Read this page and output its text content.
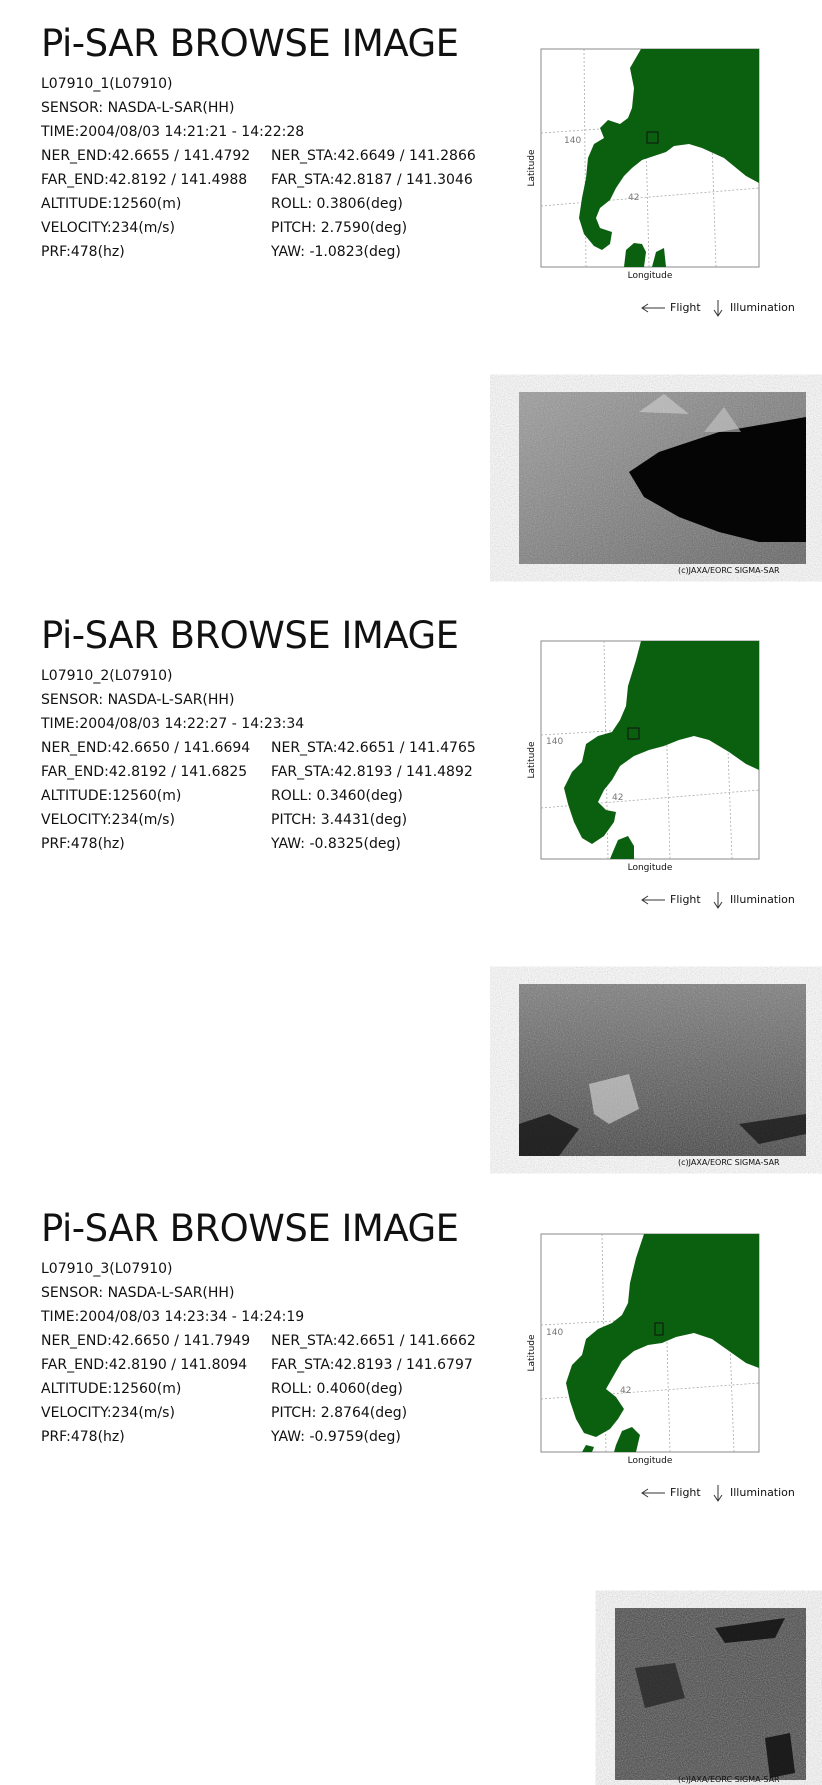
Pi-SAR BROWSE IMAGE
L07910_1(L07910)
SENSOR: NASDA-L-SAR(HH)
TIME:2004/08/03 14:21:21 - 14:22:28
NER_END:42.6655 / 141.4792 NER_STA:42.6649 / 141.2866
FAR_END:42.8192 / 141.4988 FAR_STA:42.8187 / 141.3046
ALTITUDE:12560(m)	ROLL: 0.3806(deg)
VELOCITY:234(m/s)	PITCH: 2.7590(deg)
PRF:478(hz)	YAW: -1.0823(deg)
140
42
Latitude
Longitude
Flight	Illumination
(c)JAXA/EORC SIGMA-SAR
Pi-SAR BROWSE IMAGE
L07910_2(L07910)
SENSOR: NASDA-L-SAR(HH)
TIME:2004/08/03 14:22:27 - 14:23:34
NER_END:42.6650 / 141.6694 NER_STA:42.6651 / 141.4765
FAR_END:42.8192 / 141.6825 FAR_STA:42.8193 / 141.4892
ALTITUDE:12560(m)	ROLL: 0.3460(deg)
VELOCITY:234(m/s)	PITCH: 3.4431(deg)
PRF:478(hz)	YAW: -0.8325(deg)
140
42
Latitude
Longitude
Flight	Illumination
(c)JAXA/EORC SIGMA-SAR
Pi-SAR BROWSE IMAGE
L07910_3(L07910)
SENSOR: NASDA-L-SAR(HH)
TIME:2004/08/03 14:23:34 - 14:24:19
NER_END:42.6650 / 141.7949 NER_STA:42.6651 / 141.6662
FAR_END:42.8190 / 141.8094 FAR_STA:42.8193 / 141.6797
ALTITUDE:12560(m)	ROLL: 0.4060(deg)
VELOCITY:234(m/s)	PITCH: 2.8764(deg)
PRF:478(hz)	YAW: -0.9759(deg)
140
42
Latitude
Longitude
Flight	Illumination
(c)JAXA/EORC SIGMA-SAR
